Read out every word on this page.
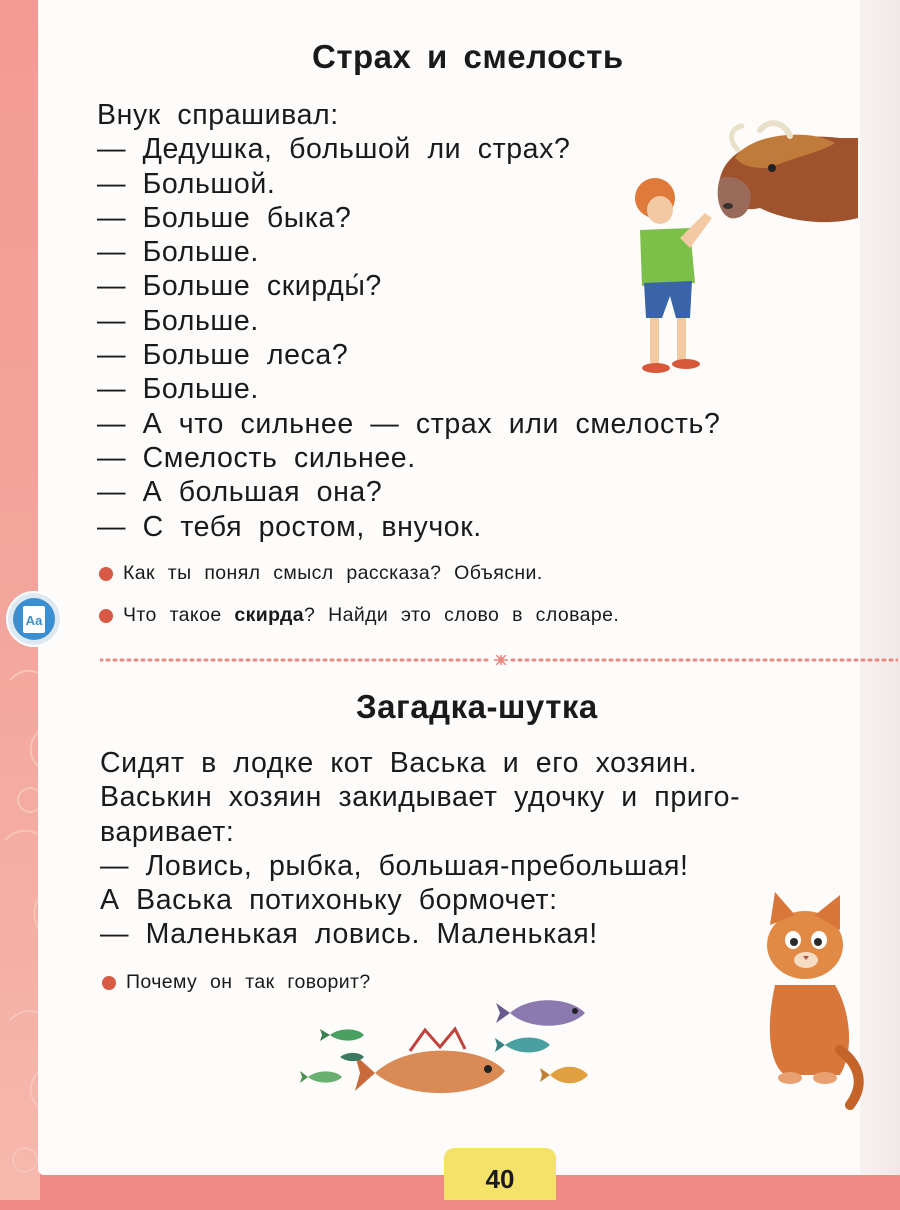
Страх и смелость
Внук спрашивал:
— Дедушка, большой ли страх?
— Большой.
— Больше быка?
— Больше.
— Больше скирды́?
— Больше.
— Больше леса?
— Больше.
— А что сильнее — страх или смелость?
— Смелость сильнее.
— А большая она?
— С тебя ростом, внучок.
Как ты понял смысл рассказа? Объясни.
Что такое скирда? Найди это слово в словаре.
Аа
Загадка-шутка
Сидят в лодке кот Васька и его хозяин.
Васькин хозяин закидывает удочку и приго-
варивает:
— Ловись, рыбка, большая-пребольшая!
А Васька потихоньку бормочет:
— Маленькая ловись. Маленькая!
Почему он так говорит?
40
